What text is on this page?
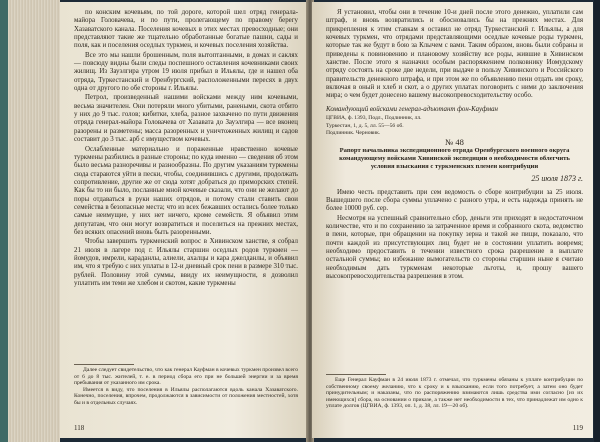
по конским кочевьям, по той дороге, которой шел отряд генерала-майора Головачева, и по пути, пролегающему по правому берегу Хазаватского канала. Поселения кочевых в этих местах превосходные; они представляют такие же тщательно обработанные богатые пашни, сады и поля, как и поселения оседлых туркмен, и кочевых поселения хозяйства.

Все это мы нашли брошенным, поля вытоптанными, в домах и саклях — повсюду видны были следы поспешного оставления кочевниками своих жилищ. Из Зауэлгира утром 19 июля прибыл в Ильялы, где и нашел оба отряда, Туркестанский и Оренбургский, расположенными пересях в двух одна от другого по обе стороны г. Ильялы.

Петрол, произведенный нашими войсками между ним кочевыми, весьма значителен. Они потеряли много убитыми, ранеными, скота отбито у них до 9 тыс. голов; кибитки, хлеба, разное захвачено по пути движения отряда генерал-майора Головачева от Хазавата до Зауэлгира — все вконец разорены и разметены; масса разоренных и уничтоженных жилищ и садов составит до 3 тыс. арб с имуществом кочевых.

Ослабленные материально и пораженные нравственно кочевые туркмены разбились в разные стороны; по куда именно — сведения об этом было весьма разноречивы и разнообразны. По другим указаниям туркмены сюда стараются уйти в пески, чтобы, соединившись с другими, продолжать сопротивление, другие же от сюда хотят добраться до приморских степей. Как бы то ни было, посланные мной кочевые сказали, что они не желают до поры отдаваться в руки наших отрядов, и потому стали ставить свои семейства в безопасные места; что из всех бежавших остались более только самые неимущие, у них нет ничего, кроме семейств. Я объявил этим депутатам, что они могут возвратиться и поселиться на прежних местах, без всяких опасений вновь быть разоренными.

Чтобы завершить туркменский вопрос в Хивинском ханстве, я собрал 21 июля в лагере под г. Ильялы старшин оседлых родов туркмен — йомудов, имрели, караданлы, алиели, ахалцы и кара джелданлы, и объявил им, что я требую с них уплаты в 12-и дневный срок пени в размере 310 тыс. рублей. Половину этой суммы, ввиду их неимущности, я дозволил уплатить им теми же хлебом и скотом, какие туркмены

Далее следует свидетельство, что как генерал Кауфман в кочевых туркмен произвел всего от 6 до 8 тыс. жителей, т. е. в период сбора его при не большей энергии и за время пребывания от указанного им срока.

Имеется в виду, что поселения в Ильялы располагаются вдоль канала Хазаватского. Конечно, поселения, впрочем, продолжаются в зависимости от положения местностей, хотя бы и в отдельных случаях.

118

Я установил, чтобы они в течение 10-и дней после этого денежно, уплатили сам штраф, и вновь возвратились и обосновались бы на прежних местах. Для прикрепления к этим ставкам я оставил не отряд Туркестанский г. Ильялы, а для кочевых туркмен, что отрядами представляющими оседлые кочевые роды туркмен, которые так же будут в бою за Клычем с вами. Таким образом, вновь были собраны и приведены к повиновению и плановому хозяйству все роды, жившие в Хивинском ханстве. После этого я назначил особым распоряжением полковнику Иомудскому отряду состоять на сроке две недели, при выдаче в пользу Хивинского и Российского правительств денежного штрафа, и при этом же по объявлению пени отдать им сроку, включая в оный и хлеб и скот, а о других уплатах поговорить с ними до заключения мира; о чем будет донесено вашему высокопревосходительству особо.

Командующий войсками генерал-адъютант фон-Кауфман

ЦГВИА, ф. 1393, Подл., Подлинник, лл.

Туркестан, 1, д. 5, лл. 55—56 об.

Подлинник. Черновик.

№ 48

Рапорт начальника экспедиционного отряда Оренбургского военного округа командующему войсками Хивинской экспедиции о необходимости облегчить условия взыскания с туркменских племен контрибуции

25 июля 1873 г.

Имею честь представить при сем ведомость о сборе контрибуции за 25 июля. Вышедшего после сбора суммы уплачено с разного утра, и есть надежда принять не более 10000 руб. сер.

Несмотря на успешный сравнительно сбор, деньги эти приходят в недостаточном количестве, что и по сохранению за затраченное время и собранного скота, ведомство в пени, которые, при обращении на покупку зерна и такой же пищи, показало, что почти каждой из присутствующих лиц будет не в состоянии уплатить вовремя; необходимо предоставить в течении известного срока разрешение в выплате остальной суммы; во избежание вымогательств со стороны старшин ныне я считаю необходимым дать туркменам некоторые льготы, и, прошу вашего высокопревосходительства разрешения в этом.

Еще Генерал Кауфман в 24 июля 1873 г. отмечал, что туркмены обязаны к уплате контрибуции по собственному своему желанию, что к сроку и к взысканию, если того потребует, а затем оно будет принудительным; и наказаны, что по распоряжению взимаются лишь средства ими согласно [из их имеющихся] сбора, на основании о приказе, а также нет необходимости в тех, что принадлежат им одно к уплате долгов (ЦГВИА, ф. 1393, оп. 1, д. 38, лл. 19—20 об).

119
